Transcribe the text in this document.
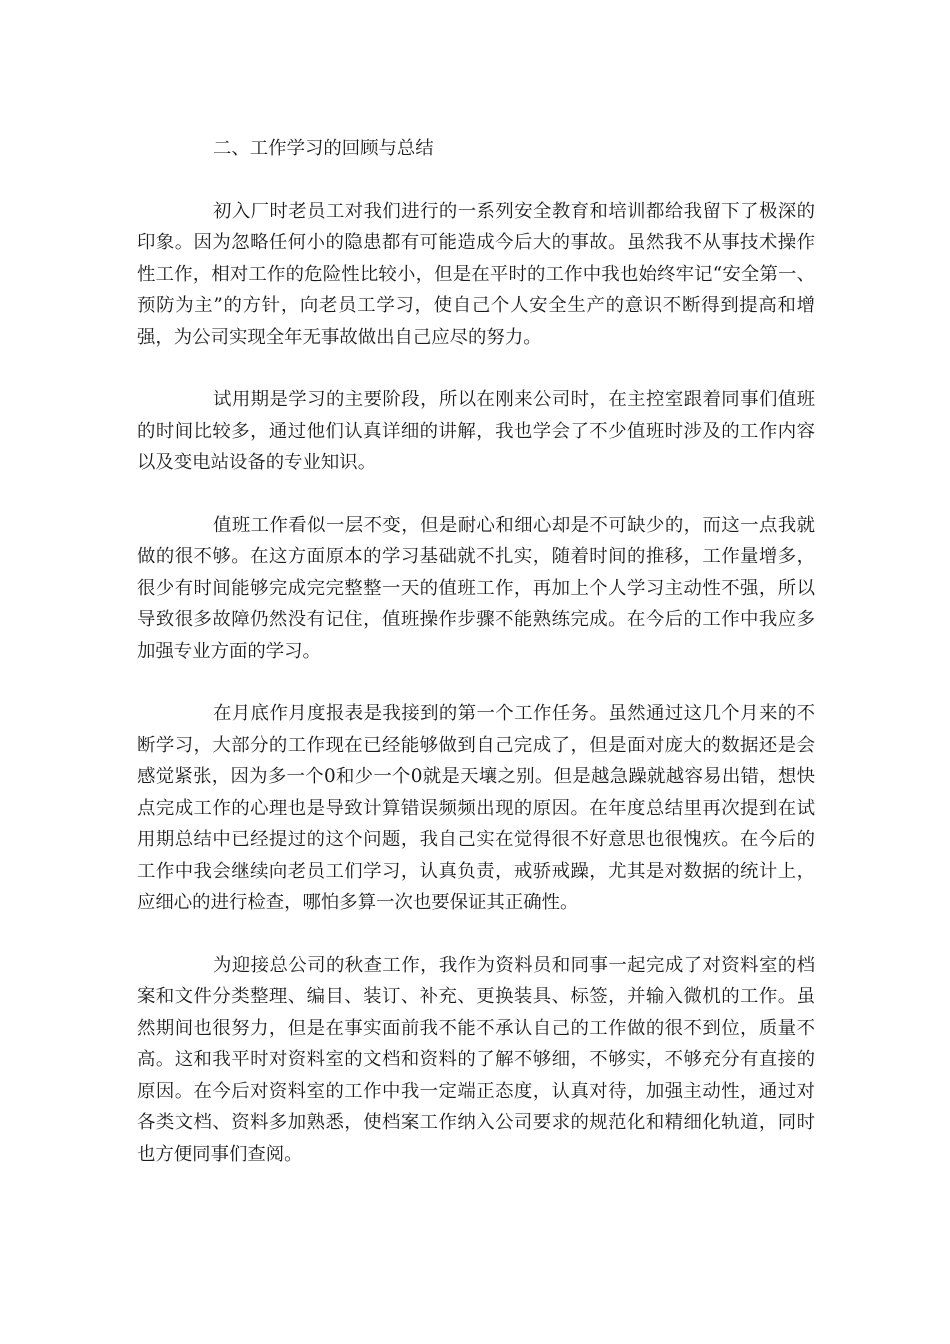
二、工作学习的回顾与总结

初入厂时老员工对我们进行的一系列安全教育和培训都给我留下了极深的印象。因为忽略任何小的隐患都有可能造成今后大的事故。虽然我不从事技术操作性工作，相对工作的危险性比较小，但是在平时的工作中我也始终牢记“安全第一、预防为主”的方针，向老员工学习，使自己个人安全生产的意识不断得到提高和增强，为公司实现全年无事故做出自己应尽的努力。

试用期是学习的主要阶段，所以在刚来公司时，在主控室跟着同事们值班的时间比较多，通过他们认真详细的讲解，我也学会了不少值班时涉及的工作内容以及变电站设备的专业知识。

值班工作看似一层不变，但是耐心和细心却是不可缺少的，而这一点我就做的很不够。在这方面原本的学习基础就不扎实，随着时间的推移，工作量增多，很少有时间能够完成完完整整一天的值班工作，再加上个人学习主动性不强，所以导致很多故障仍然没有记住，值班操作步骤不能熟练完成。在今后的工作中我应多加强专业方面的学习。

在月底作月度报表是我接到的第一个工作任务。虽然通过这几个月来的不断学习，大部分的工作现在已经能够做到自己完成了，但是面对庞大的数据还是会感觉紧张，因为多一个0和少一个0就是天壤之别。但是越急躁就越容易出错，想快点完成工作的心理也是导致计算错误频频出现的原因。在年度总结里再次提到在试用期总结中已经提过的这个问题，我自己实在觉得很不好意思也很愧疚。在今后的工作中我会继续向老员工们学习，认真负责，戒骄戒躁，尤其是对数据的统计上，应细心的进行检查，哪怕多算一次也要保证其正确性。

为迎接总公司的秋查工作，我作为资料员和同事一起完成了对资料室的档案和文件分类整理、编目、装订、补充、更换装具、标签，并输入微机的工作。虽然期间也很努力，但是在事实面前我不能不承认自己的工作做的很不到位，质量不高。这和我平时对资料室的文档和资料的了解不够细，不够实，不够充分有直接的原因。在今后对资料室的工作中我一定端正态度，认真对待，加强主动性，通过对各类文档、资料多加熟悉，使档案工作纳入公司要求的规范化和精细化轨道，同时也方便同事们查阅。
